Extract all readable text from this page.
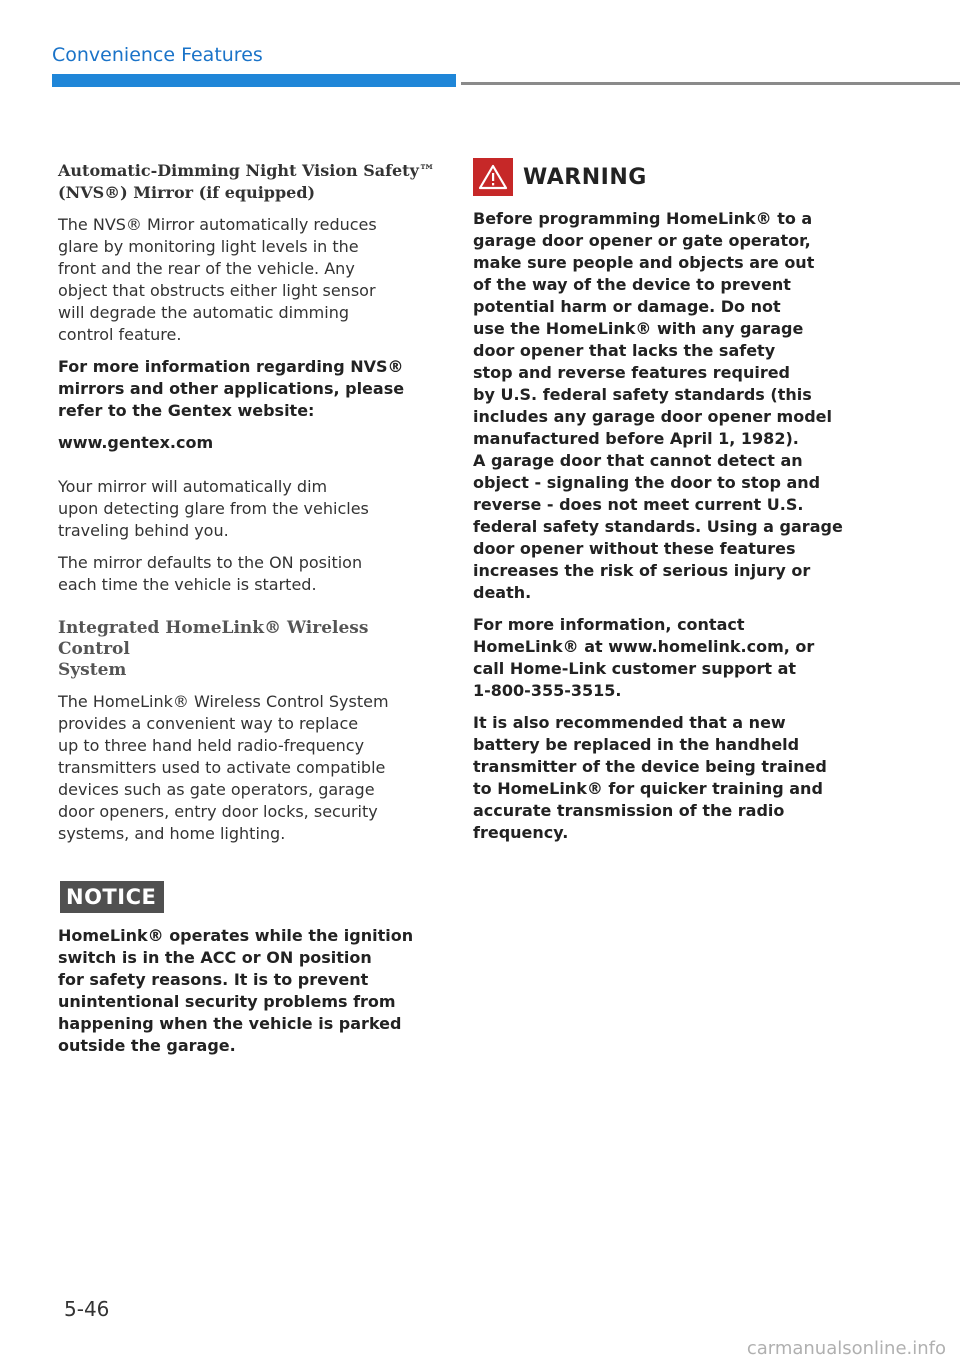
Convenience Features
Automatic-Dimming Night Vision Safety™
(NVS®) Mirror (if equipped)
The NVS® Mirror automatically reduces
glare by monitoring light levels in the
front and the rear of the vehicle. Any
object that obstructs either light sensor
will degrade the automatic dimming
control feature.
For more information regarding NVS®
mirrors and other applications, please
refer to the Gentex website:
www.gentex.com
Your mirror will automatically dim
upon detecting glare from the vehicles
traveling behind you.
The mirror defaults to the ON position
each time the vehicle is started.
Integrated HomeLink® Wireless Control
System
The HomeLink® Wireless Control System
provides a convenient way to replace
up to three hand held radio-frequency
transmitters used to activate compatible
devices such as gate operators, garage
door openers, entry door locks, security
systems, and home lighting.
NOTICE
HomeLink® operates while the ignition
switch is in the ACC or ON position
for safety reasons. It is to prevent
unintentional security problems from
happening when the vehicle is parked
outside the garage.
WARNING
Before programming HomeLink® to a
garage door opener or gate operator,
make sure people and objects are out
of the way of the device to prevent
potential harm or damage. Do not
use the HomeLink® with any garage
door opener that lacks the safety
stop and reverse features required
by U.S. federal safety standards (this
includes any garage door opener model
manufactured before April 1, 1982).
A garage door that cannot detect an
object - signaling the door to stop and
reverse - does not meet current U.S.
federal safety standards. Using a garage
door opener without these features
increases the risk of serious injury or
death.
For more information, contact
HomeLink® at www.homelink.com, or
call Home-Link customer support at
1-800-355-3515.
It is also recommended that a new
battery be replaced in the handheld
transmitter of the device being trained
to HomeLink® for quicker training and
accurate transmission of the radio
frequency.
5-46
carmanualsonline.info
